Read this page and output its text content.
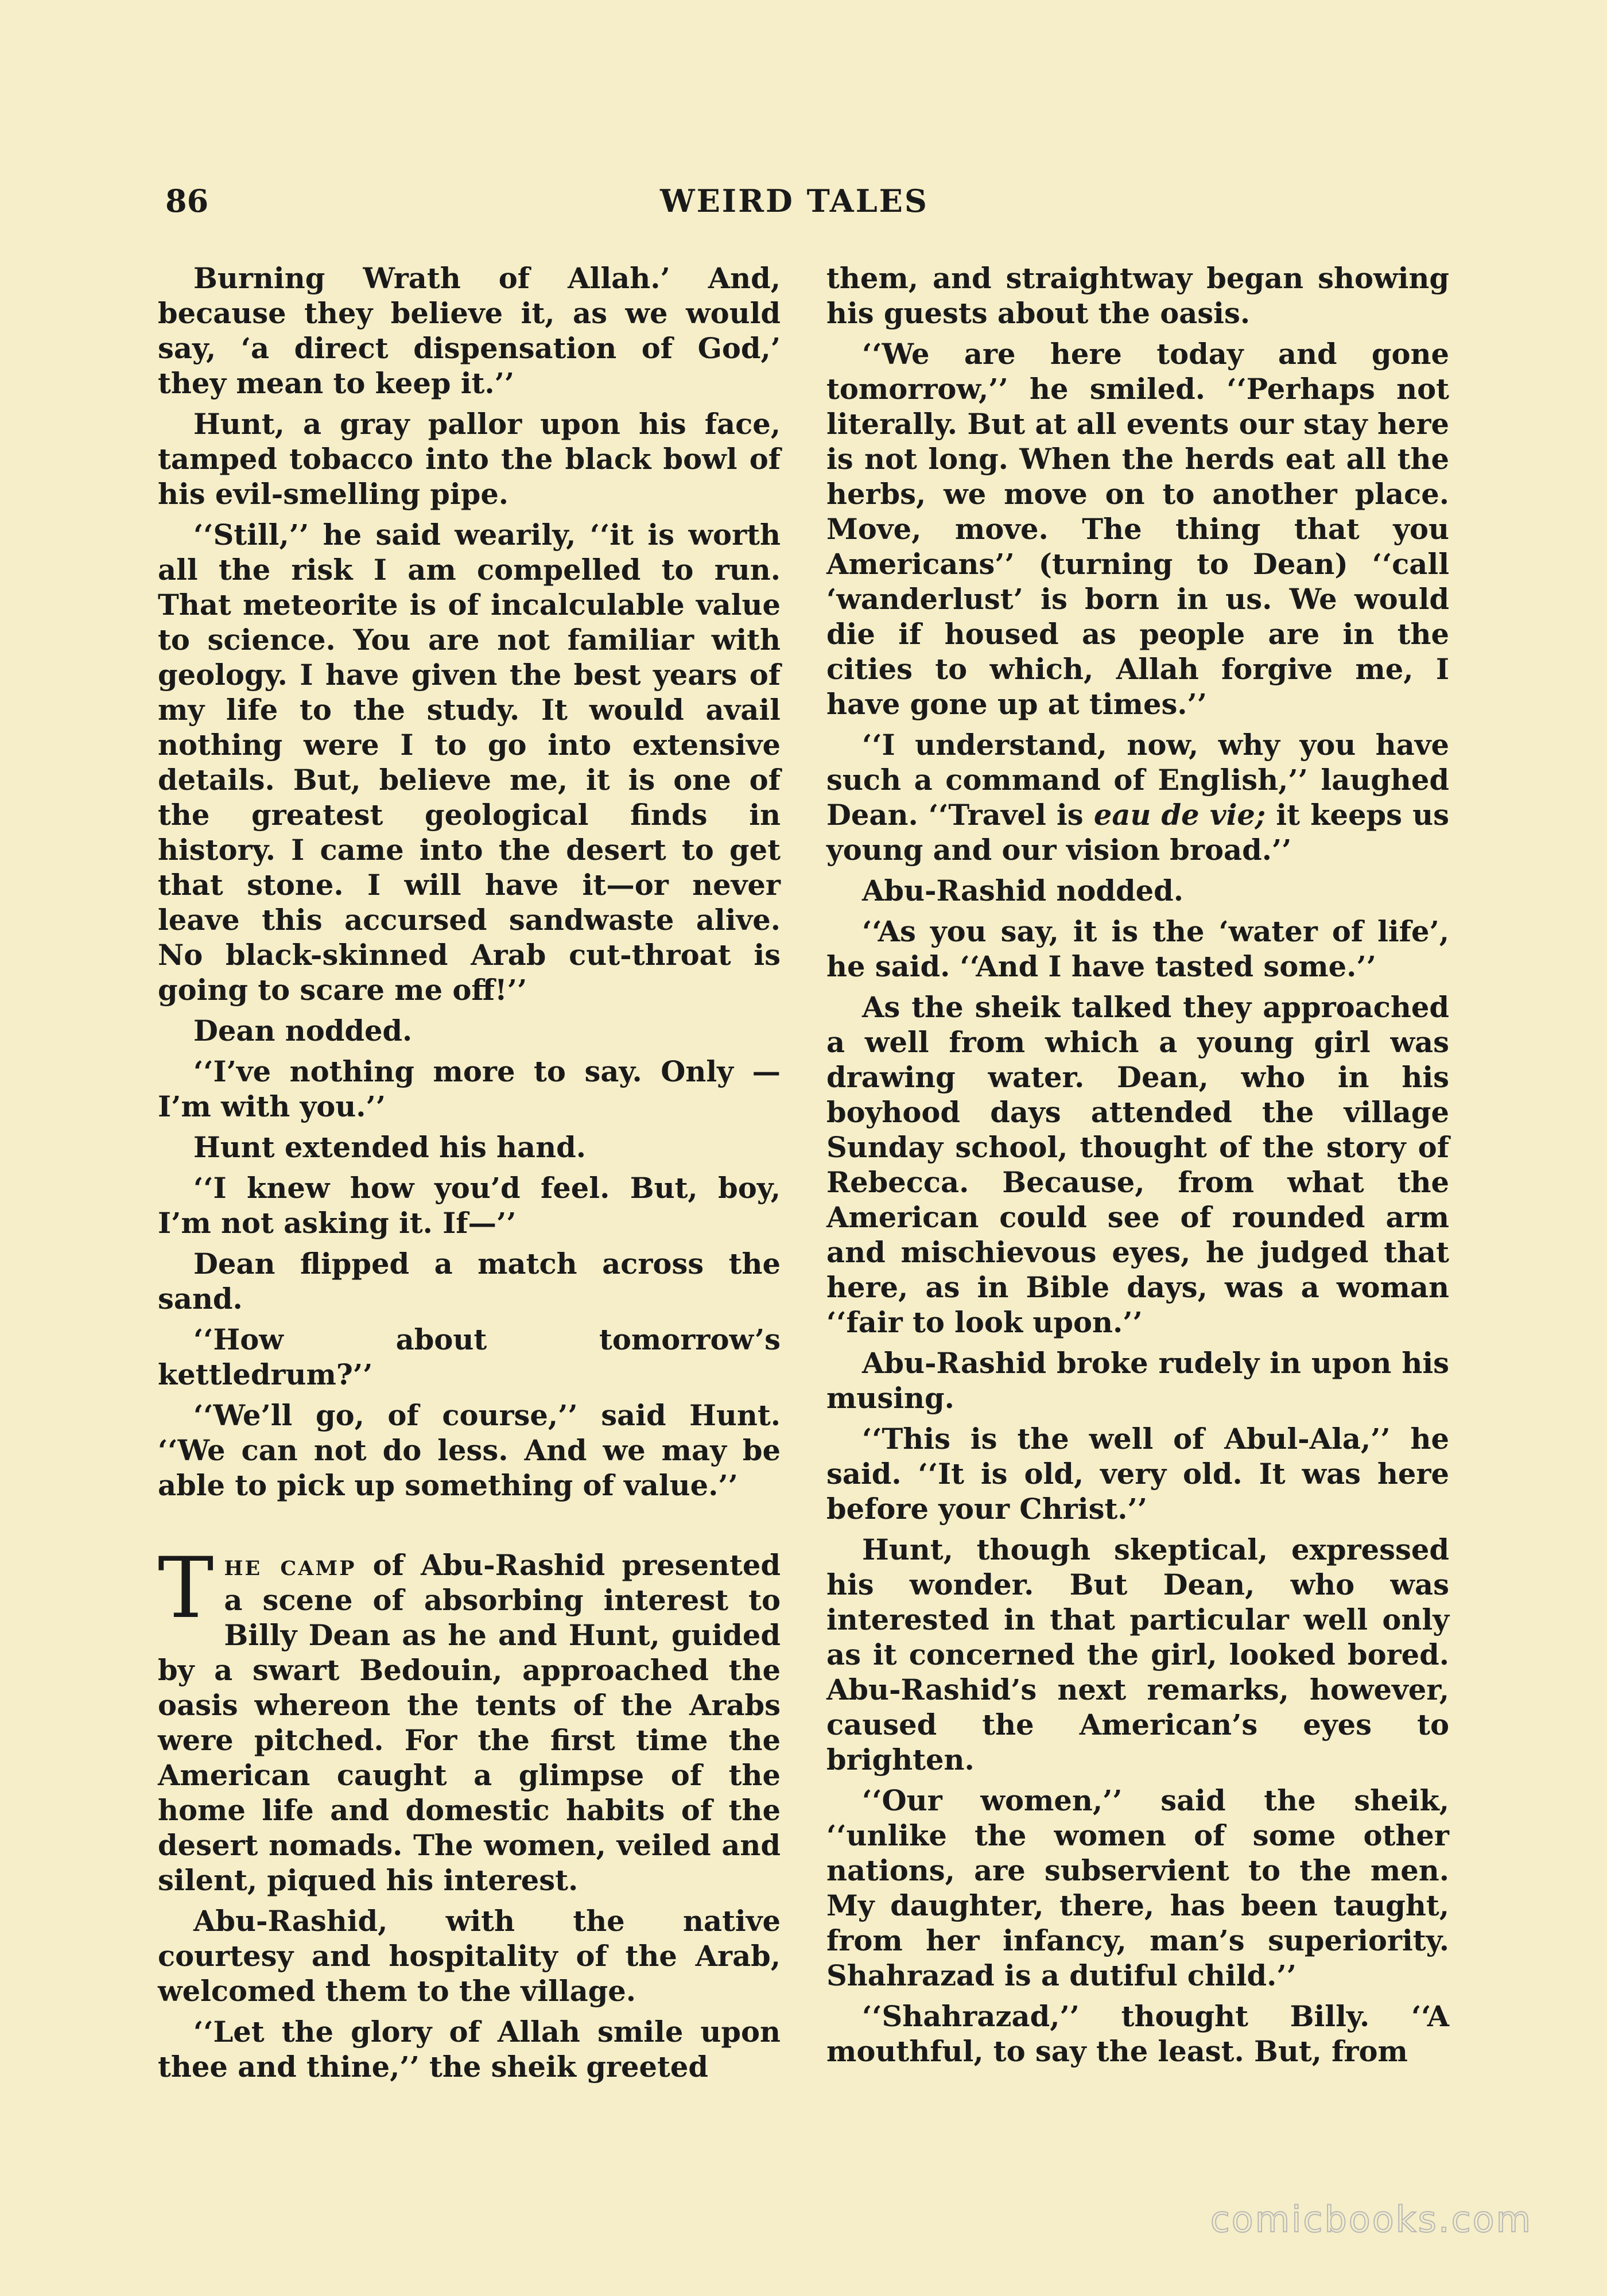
86	WEIRD TALES

Burning Wrath of Allah.’ And, because they believe it, as we would say, ‘a direct dispensation of God,’ they mean to keep it.’’

Hunt, a gray pallor upon his face, tamped tobacco into the black bowl of his evil-smelling pipe.

‘‘Still,’’ he said wearily, ‘‘it is worth all the risk I am compelled to run. That meteorite is of incalculable value to science. You are not familiar with geology. I have given the best years of my life to the study. It would avail nothing were I to go into extensive details. But, believe me, it is one of the greatest geological finds in history. I came into the desert to get that stone. I will have it—or never leave this accursed sandwaste alive. No black-skinned Arab cut-throat is going to scare me off!’’

Dean nodded.

‘‘I’ve nothing more to say. Only —I’m with you.’’

Hunt extended his hand.

‘‘I knew how you’d feel. But, boy, I’m not asking it. If—’’

Dean flipped a match across the sand.

‘‘How about tomorrow’s kettledrum?’’

‘‘We’ll go, of course,’’ said Hunt. ‘‘We can not do less. And we may be able to pick up something of value.’’

The camp of Abu-Rashid presented a scene of absorbing interest to Billy Dean as he and Hunt, guided by a swart Bedouin, approached the oasis whereon the tents of the Arabs were pitched. For the first time the American caught a glimpse of the home life and domestic habits of the desert nomads. The women, veiled and silent, piqued his interest.

Abu-Rashid, with the native courtesy and hospitality of the Arab, welcomed them to the village.

‘‘Let the glory of Allah smile upon thee and thine,’’ the sheik greeted

them, and straightway began showing his guests about the oasis.

‘‘We are here today and gone tomorrow,’’ he smiled. ‘‘Perhaps not literally. But at all events our stay here is not long. When the herds eat all the herbs, we move on to another place. Move, move. The thing that you Americans’’ (turning to Dean) ‘‘call ‘wanderlust’ is born in us. We would die if housed as people are in the cities to which, Allah forgive me, I have gone up at times.’’

‘‘I understand, now, why you have such a command of English,’’ laughed Dean. ‘‘Travel is eau de vie; it keeps us young and our vision broad.’’

Abu-Rashid nodded.

‘‘As you say, it is the ‘water of life’, he said. ‘‘And I have tasted some.’’

As the sheik talked they approached a well from which a young girl was drawing water. Dean, who in his boyhood days attended the village Sunday school, thought of the story of Rebecca. Because, from what the American could see of rounded arm and mischievous eyes, he judged that here, as in Bible days, was a woman ‘‘fair to look upon.’’

Abu-Rashid broke rudely in upon his musing.

‘‘This is the well of Abul-Ala,’’ he said. ‘‘It is old, very old. It was here before your Christ.’’

Hunt, though skeptical, expressed his wonder. But Dean, who was interested in that particular well only as it concerned the girl, looked bored. Abu-Rashid’s next remarks, however, caused the American’s eyes to brighten.

‘‘Our women,’’ said the sheik, ‘‘unlike the women of some other nations, are subservient to the men. My daughter, there, has been taught, from her infancy, man’s superiority. Shahrazad is a dutiful child.’’

‘‘Shahrazad,’’ thought Billy. ‘‘A mouthful, to say the least. But, from

comicbooks.com
